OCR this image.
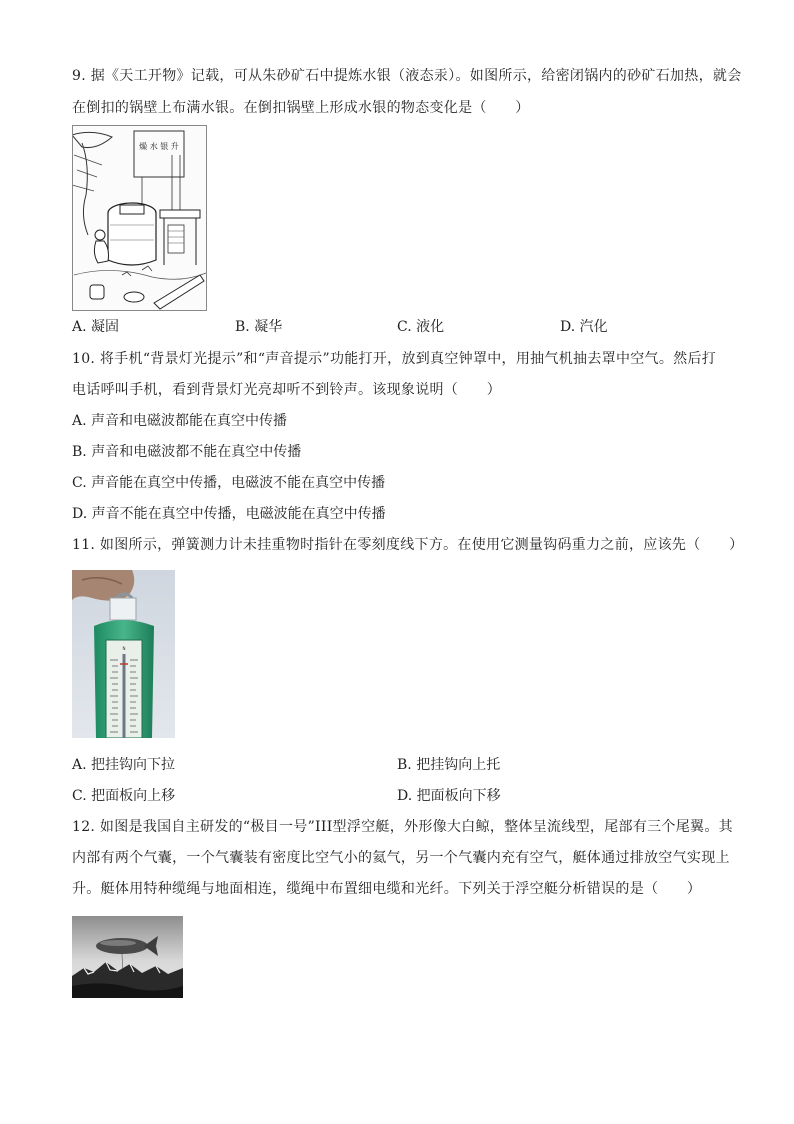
9. 据《天工开物》记载，可从朱砂矿石中提炼水银（液态汞）。如图所示，给密闭锅内的砂矿石加热，就会
在倒扣的锅壁上布满水银。在倒扣锅壁上形成水银的物态变化是（　　）
燥 水 银 升
A. 凝固	B. 凝华	C. 液化	D. 汽化
10. 将手机“背景灯光提示”和“声音提示”功能打开，放到真空钟罩中，用抽气机抽去罩中空气。然后打
电话呼叫手机，看到背景灯光亮却听不到铃声。该现象说明（　　）
A. 声音和电磁波都能在真空中传播
B. 声音和电磁波都不能在真空中传播
C. 声音能在真空中传播，电磁波不能在真空中传播
D. 声音不能在真空中传播，电磁波能在真空中传播
11. 如图所示，弹簧测力计未挂重物时指针在零刻度线下方。在使用它测量钩码重力之前，应该先（　　）
N
A. 把挂钩向下拉	B. 把挂钩向上托
C. 把面板向上移	D. 把面板向下移
12. 如图是我国自主研发的“极目一号”III型浮空艇，外形像大白鲸，整体呈流线型，尾部有三个尾翼。其
内部有两个气囊，一个气囊装有密度比空气小的氦气，另一个气囊内充有空气，艇体通过排放空气实现上
升。艇体用特种缆绳与地面相连，缆绳中布置细电缆和光纤。下列关于浮空艇分析错误的是（　　）
